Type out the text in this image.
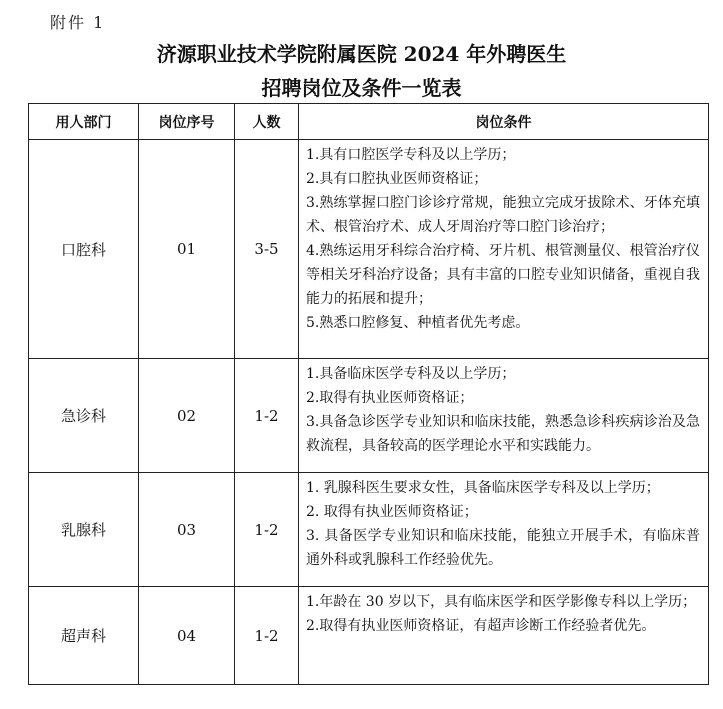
附件 1
济源职业技术学院附属医院 2024 年外聘医生
招聘岗位及条件一览表
用人部门	岗位序号	人数	岗位条件
口腔科	01	3-5	1.具有口腔医学专科及以上学历；
2.具有口腔执业医师资格证；
3.熟练掌握口腔门诊诊疗常规，能独立完成牙拔除术、牙体充填术、根管治疗术、成人牙周治疗等口腔门诊治疗；
4.熟练运用牙科综合治疗椅、牙片机、根管测量仪、根管治疗仪等相关牙科治疗设备；具有丰富的口腔专业知识储备，重视自我能力的拓展和提升；
5.熟悉口腔修复、种植者优先考虑。

急诊科	02	1-2	1.具备临床医学专科及以上学历；
2.取得有执业医师资格证；
3.具备急诊医学专业知识和临床技能，熟悉急诊科疾病诊治及急救流程，具备较高的医学理论水平和实践能力。

乳腺科	03	1-2	1. 乳腺科医生要求女性，具备临床医学专科及以上学历；
2. 取得有执业医师资格证；
3. 具备医学专业知识和临床技能，能独立开展手术，有临床普通外科或乳腺科工作经验优先。

超声科	04	1-2	1.年龄在 30 岁以下，具有临床医学和医学影像专科以上学历；
2.取得有执业医师资格证，有超声诊断工作经验者优先。
